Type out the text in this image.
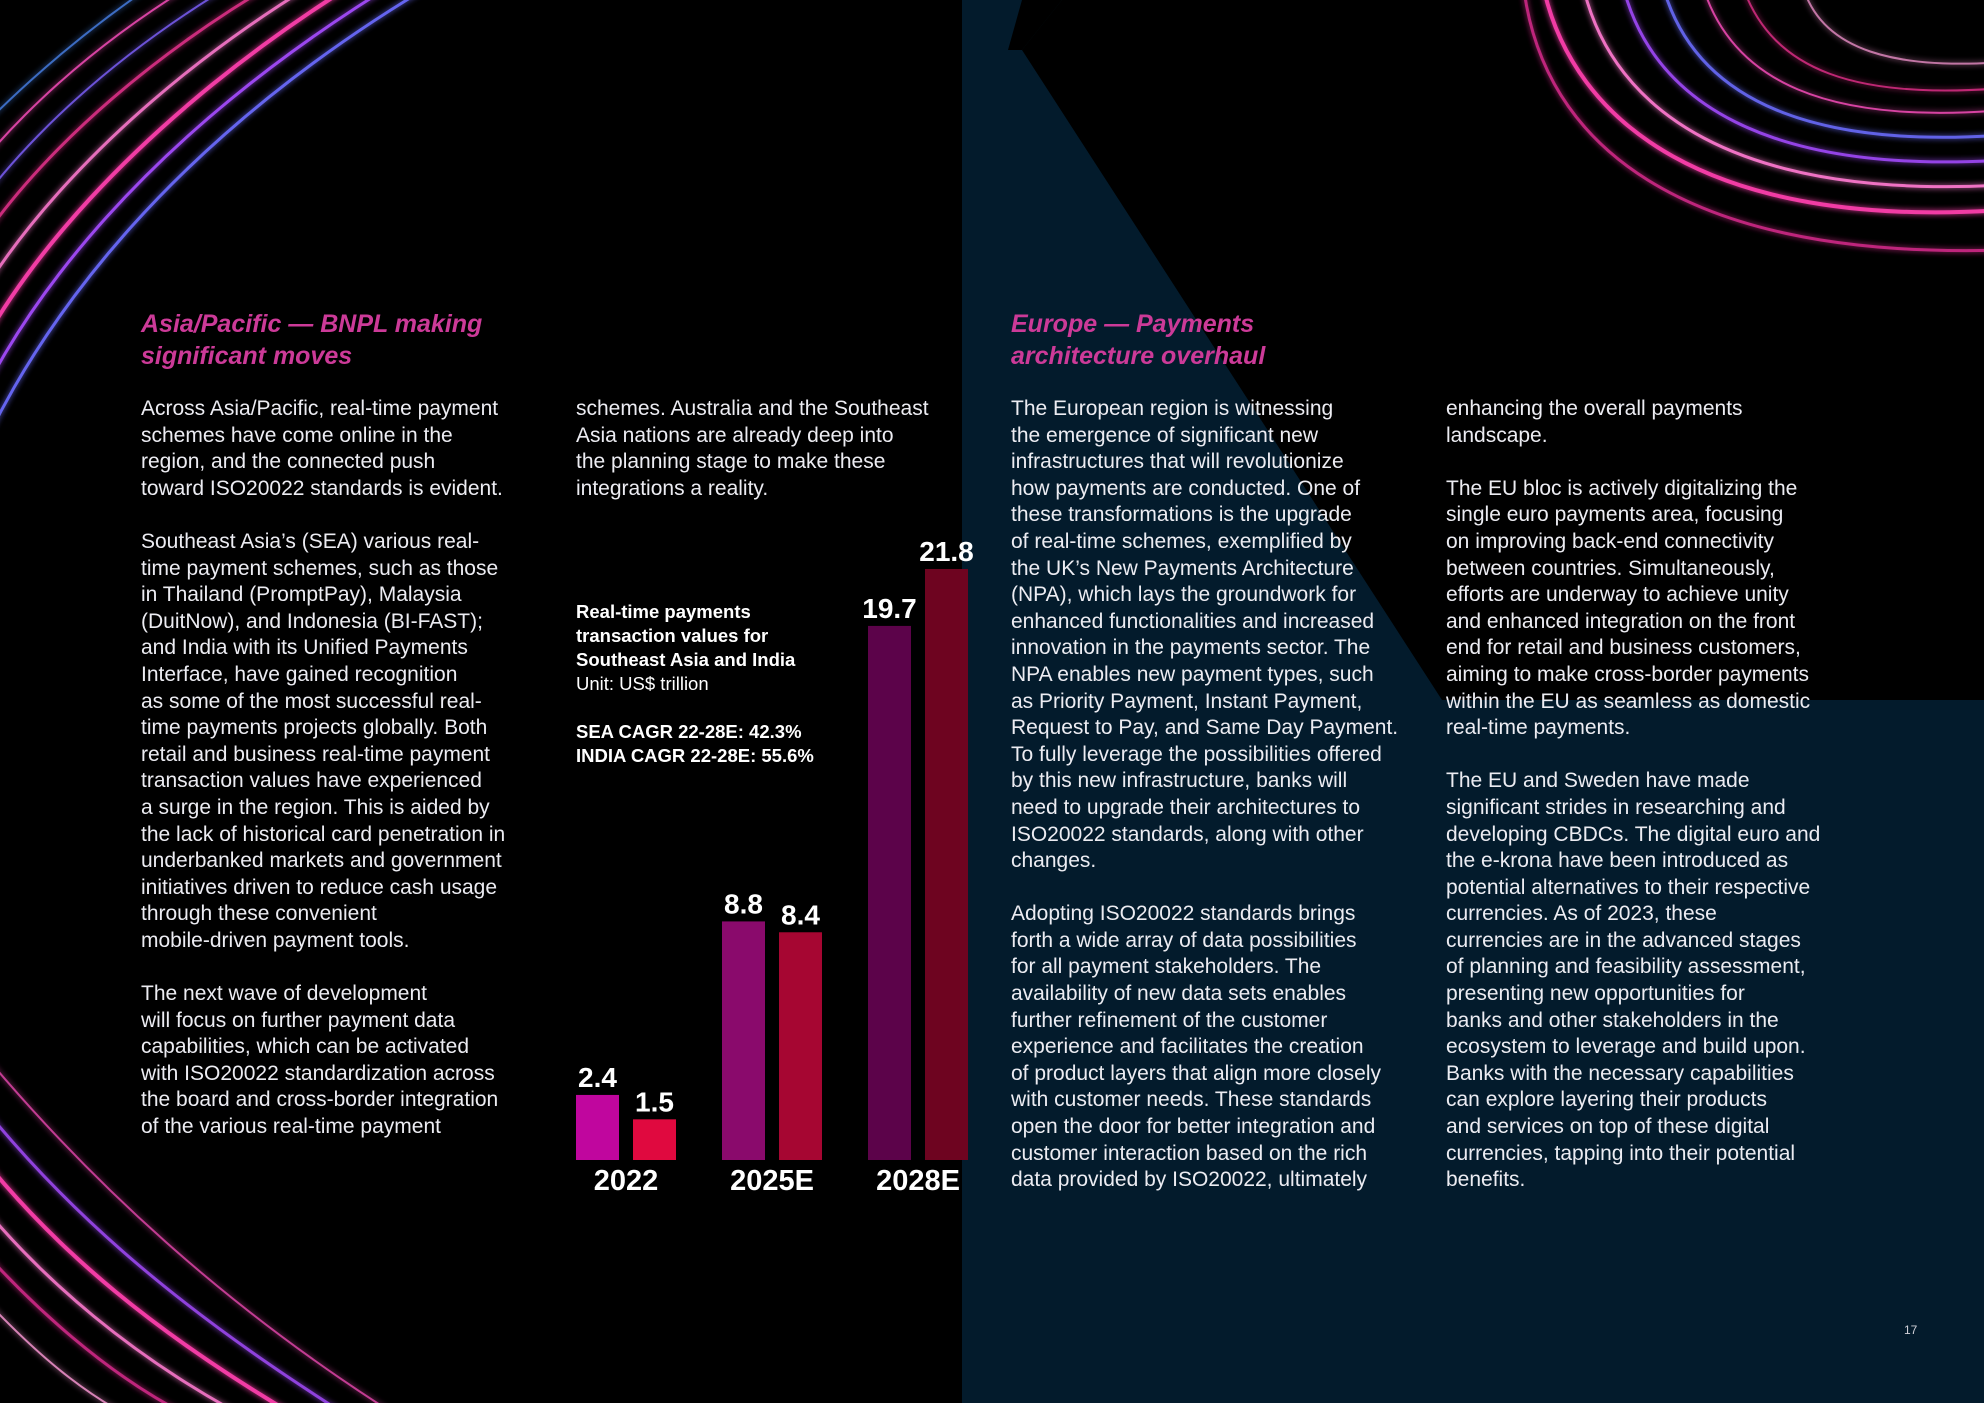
Asia/Pacific — BNPL making
significant moves

Across Asia/Pacific, real-time payment
schemes have come online in the
region, and the connected push
toward ISO20022 standards is evident.

Southeast Asia’s (SEA) various real-
time payment schemes, such as those
in Thailand (PromptPay), Malaysia
(DuitNow), and Indonesia (BI-FAST);
and India with its Unified Payments
Interface, have gained recognition
as some of the most successful real-
time payments projects globally. Both
retail and business real-time payment
transaction values have experienced
a surge in the region. This is aided by
the lack of historical card penetration in
underbanked markets and government
initiatives driven to reduce cash usage
through these convenient
mobile-driven payment tools.

The next wave of development
will focus on further payment data
capabilities, which can be activated
with ISO20022 standardization across
the board and cross-border integration
of the various real-time payment

schemes. Australia and the Southeast
Asia nations are already deep into
the planning stage to make these
integrations a reality.

Real-time payments
transaction values for
Southeast Asia and India
Unit: US$ trillion
SEA CAGR 22-28E: 42.3%
INDIA CAGR 22-28E: 55.6%
2.4
1.5
2022
8.8 8.4
2025E
19.7
21.8
2028E
Europe — Payments
architecture overhaul

The European region is witnessing
the emergence of significant new
infrastructures that will revolutionize
how payments are conducted. One of
these transformations is the upgrade
of real-time schemes, exemplified by
the UK’s New Payments Architecture
(NPA), which lays the groundwork for
enhanced functionalities and increased
innovation in the payments sector. The
NPA enables new payment types, such
as Priority Payment, Instant Payment,
Request to Pay, and Same Day Payment.
To fully leverage the possibilities offered
by this new infrastructure, banks will
need to upgrade their architectures to
ISO20022 standards, along with other
changes.

Adopting ISO20022 standards brings
forth a wide array of data possibilities
for all payment stakeholders. The
availability of new data sets enables
further refinement of the customer
experience and facilitates the creation
of product layers that align more closely
with customer needs. These standards
open the door for better integration and
customer interaction based on the rich
data provided by ISO20022, ultimately

enhancing the overall payments
landscape.

The EU bloc is actively digitalizing the
single euro payments area, focusing
on improving back-end connectivity
between countries. Simultaneously,
efforts are underway to achieve unity
and enhanced integration on the front
end for retail and business customers,
aiming to make cross-border payments
within the EU as seamless as domestic
real-time payments.

The EU and Sweden have made
significant strides in researching and
developing CBDCs. The digital euro and
the e-krona have been introduced as
potential alternatives to their respective
currencies. As of 2023, these
currencies are in the advanced stages
of planning and feasibility assessment,
presenting new opportunities for
banks and other stakeholders in the
ecosystem to leverage and build upon.
Banks with the necessary capabilities
can explore layering their products
and services on top of these digital
currencies, tapping into their potential
benefits.

17
